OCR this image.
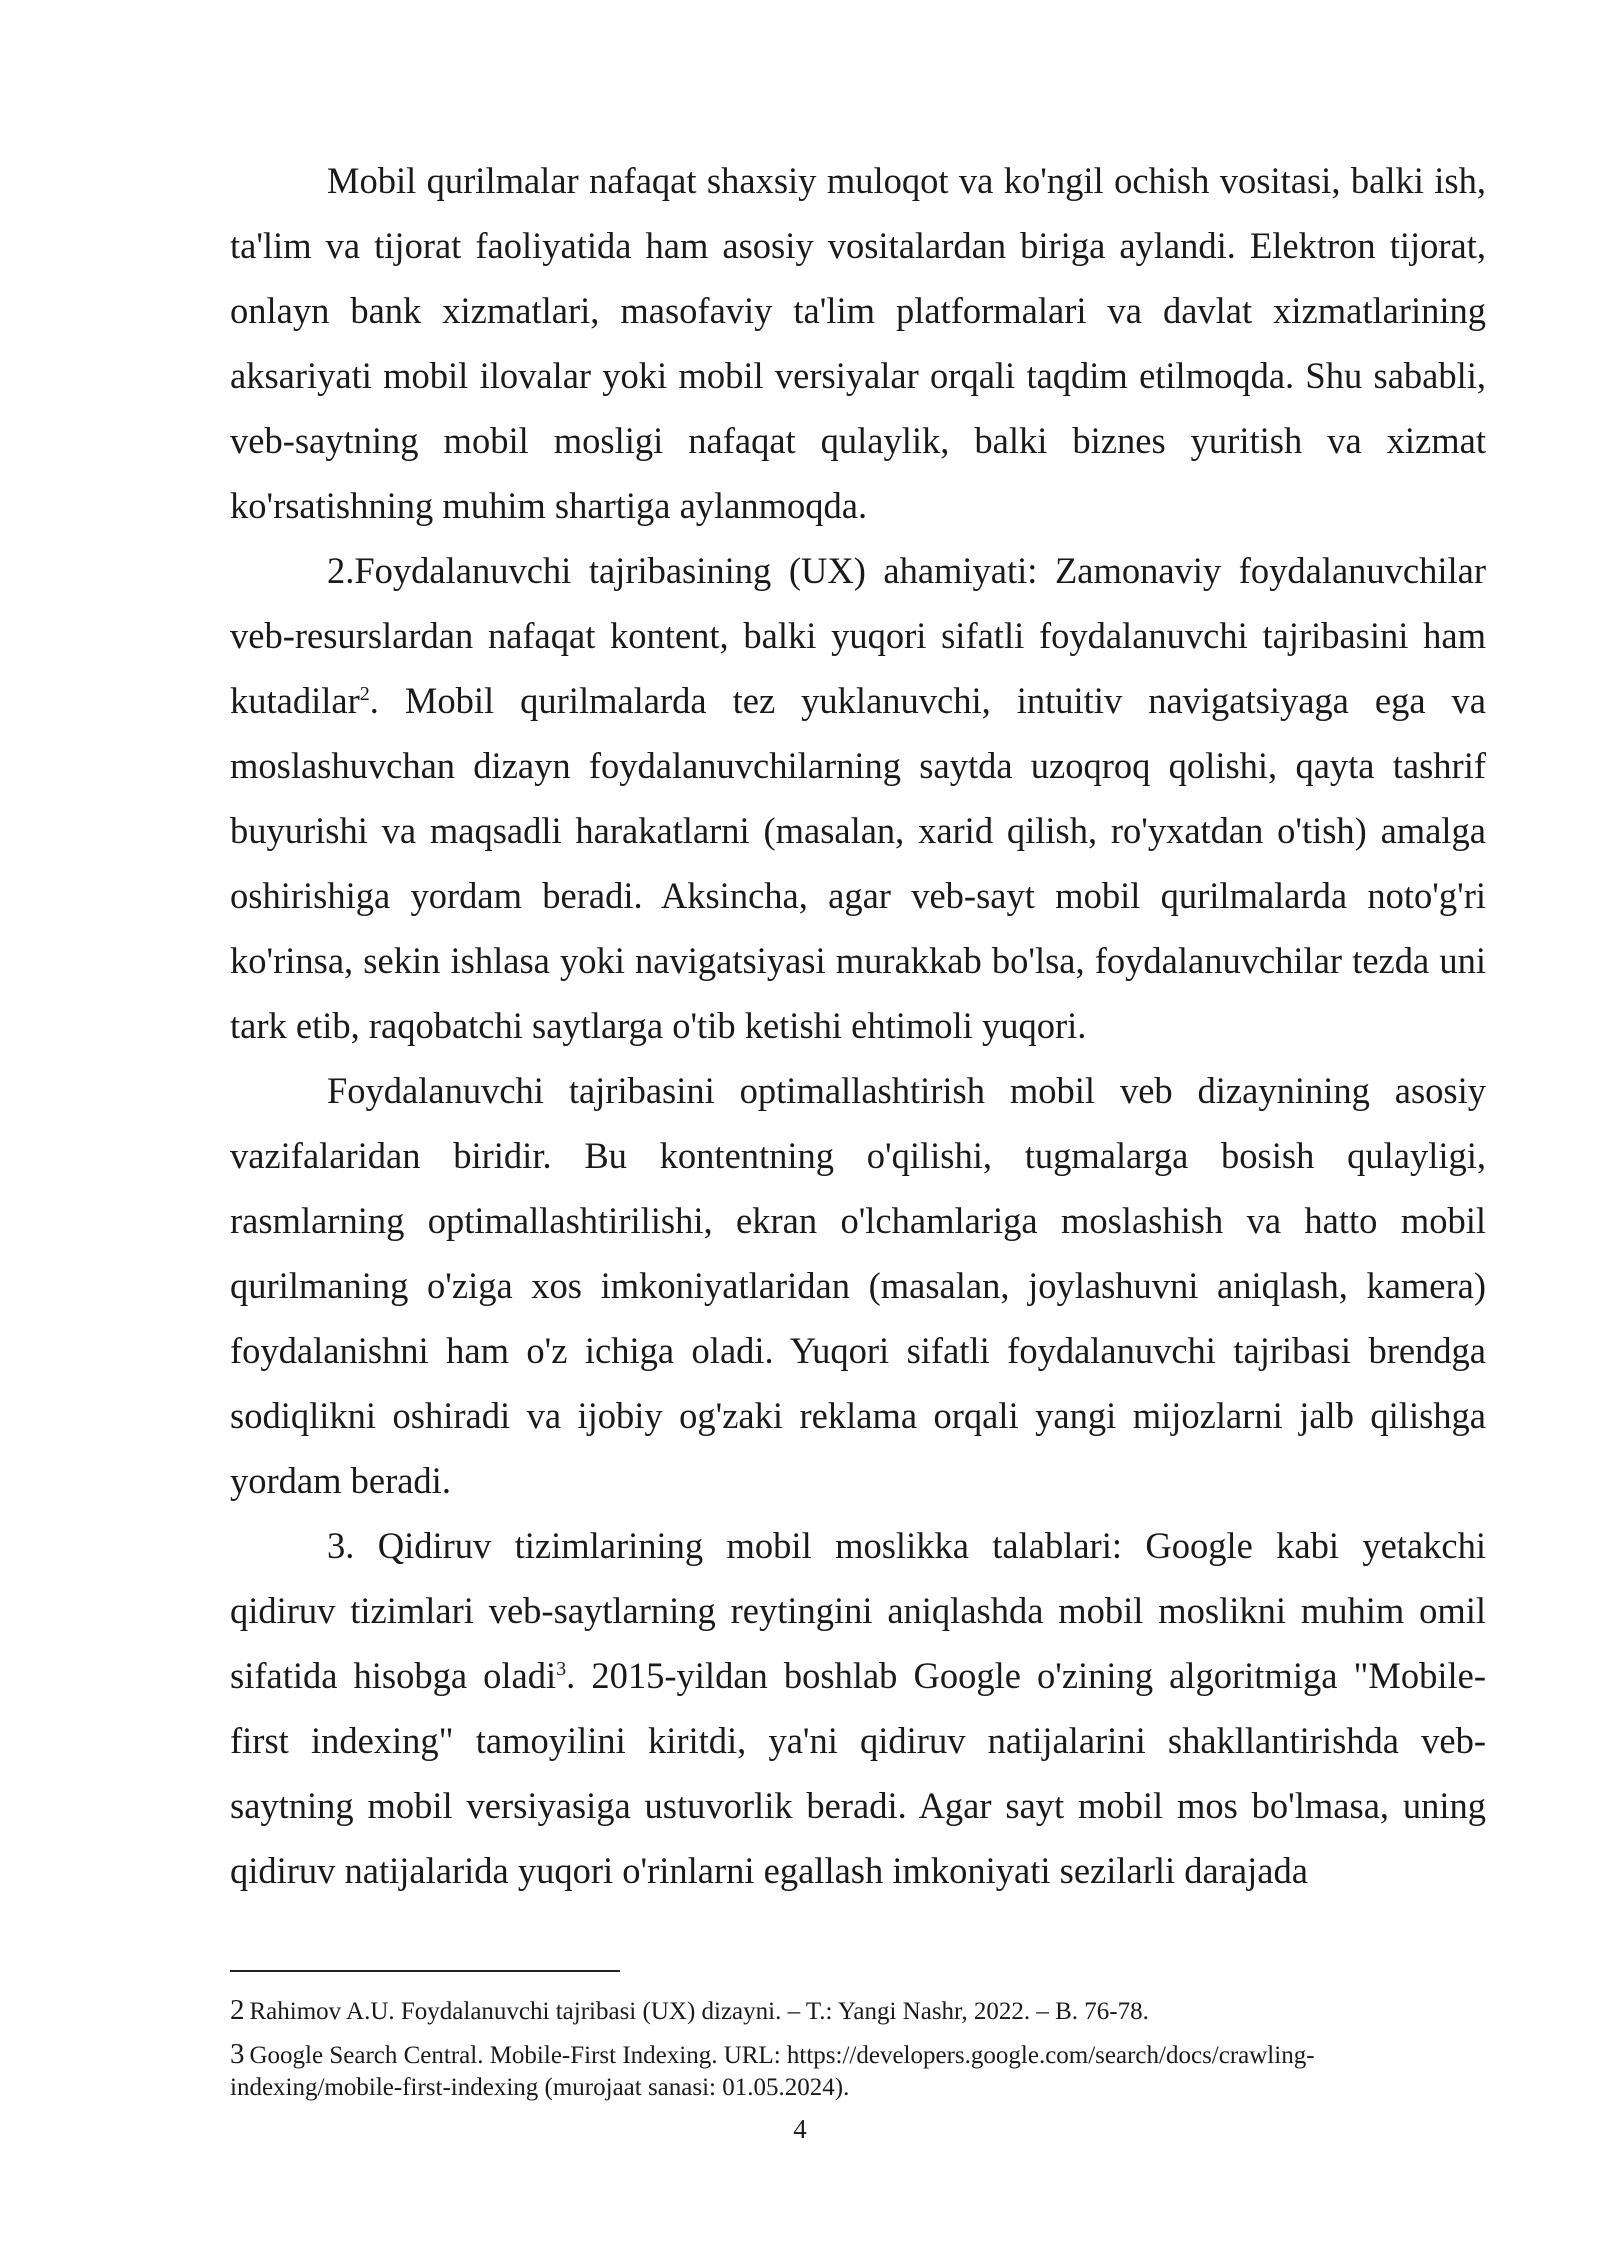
Mobil qurilmalar nafaqat shaxsiy muloqot va ko'ngil ochish vositasi, balki ish, ta'lim va tijorat faoliyatida ham asosiy vositalardan biriga aylandi. Elektron tijorat, onlayn bank xizmatlari, masofaviy ta'lim platformalari va davlat xizmatlarining aksariyati mobil ilovalar yoki mobil versiyalar orqali taqdim etilmoqda. Shu sababli, veb-saytning mobil mosligi nafaqat qulaylik, balki biznes yuritish va xizmat ko'rsatishning muhim shartiga aylanmoqda.

2.Foydalanuvchi tajribasining (UX) ahamiyati: Zamonaviy foydalanuvchilar veb-resurslardan nafaqat kontent, balki yuqori sifatli foydalanuvchi tajribasini ham kutadilar$^2$. Mobil qurilmalarda tez yuklanuvchi, intuitiv navigatsiyaga ega va moslashuvchan dizayn foydalanuvchilarning saytda uzoqroq qolishi, qayta tashrif buyurishi va maqsadli harakatlarni (masalan, xarid qilish, ro'yxatdan o'tish) amalga oshirishiga yordam beradi. Aksincha, agar veb-sayt mobil qurilmalarda noto'g'ri ko'rinsa, sekin ishlasa yoki navigatsiyasi murakkab bo'lsa, foydalanuvchilar tezda uni tark etib, raqobatchi saytlarga o'tib ketishi ehtimoli yuqori.

Foydalanuvchi tajribasini optimallashtirish mobil veb dizaynining asosiy vazifalaridan biridir. Bu kontentning o'qilishi, tugmalarga bosish qulayligi, rasmlarning optimallashtirilishi, ekran o'lchamlariga moslashish va hatto mobil qurilmaning o'ziga xos imkoniyatlaridan (masalan, joylashuvni aniqlash, kamera) foydalanishni ham o'z ichiga oladi. Yuqori sifatli foydalanuvchi tajribasi brendga sodiqlikni oshiradi va ijobiy og'zaki reklama orqali yangi mijozlarni jalb qilishga yordam beradi.

3. Qidiruv tizimlarining mobil moslikka talablari: Google kabi yetakchi qidiruv tizimlari veb-saytlarning reytingini aniqlashda mobil moslikni muhim omil sifatida hisobga oladi$^3$. 2015-yildan boshlab Google o'zining algoritmiga "Mobile-first indexing" tamoyilini kiritdi, ya'ni qidiruv natijalarini shakllantirishda veb-saytning mobil versiyasiga ustuvorlik beradi. Agar sayt mobil mos bo'lmasa, uning qidiruv natijalarida yuqori o'rinlarni egallash imkoniyati sezilarli darajada

2 Rahimov A.U. Foydalanuvchi tajribasi (UX) dizayni. – T.: Yangi Nashr, 2022. – B. 76-78.
3 Google Search Central. Mobile-First Indexing. URL: https://developers.google.com/search/docs/crawling-indexing/mobile-first-indexing (murojaat sanasi: 01.05.2024).
4
